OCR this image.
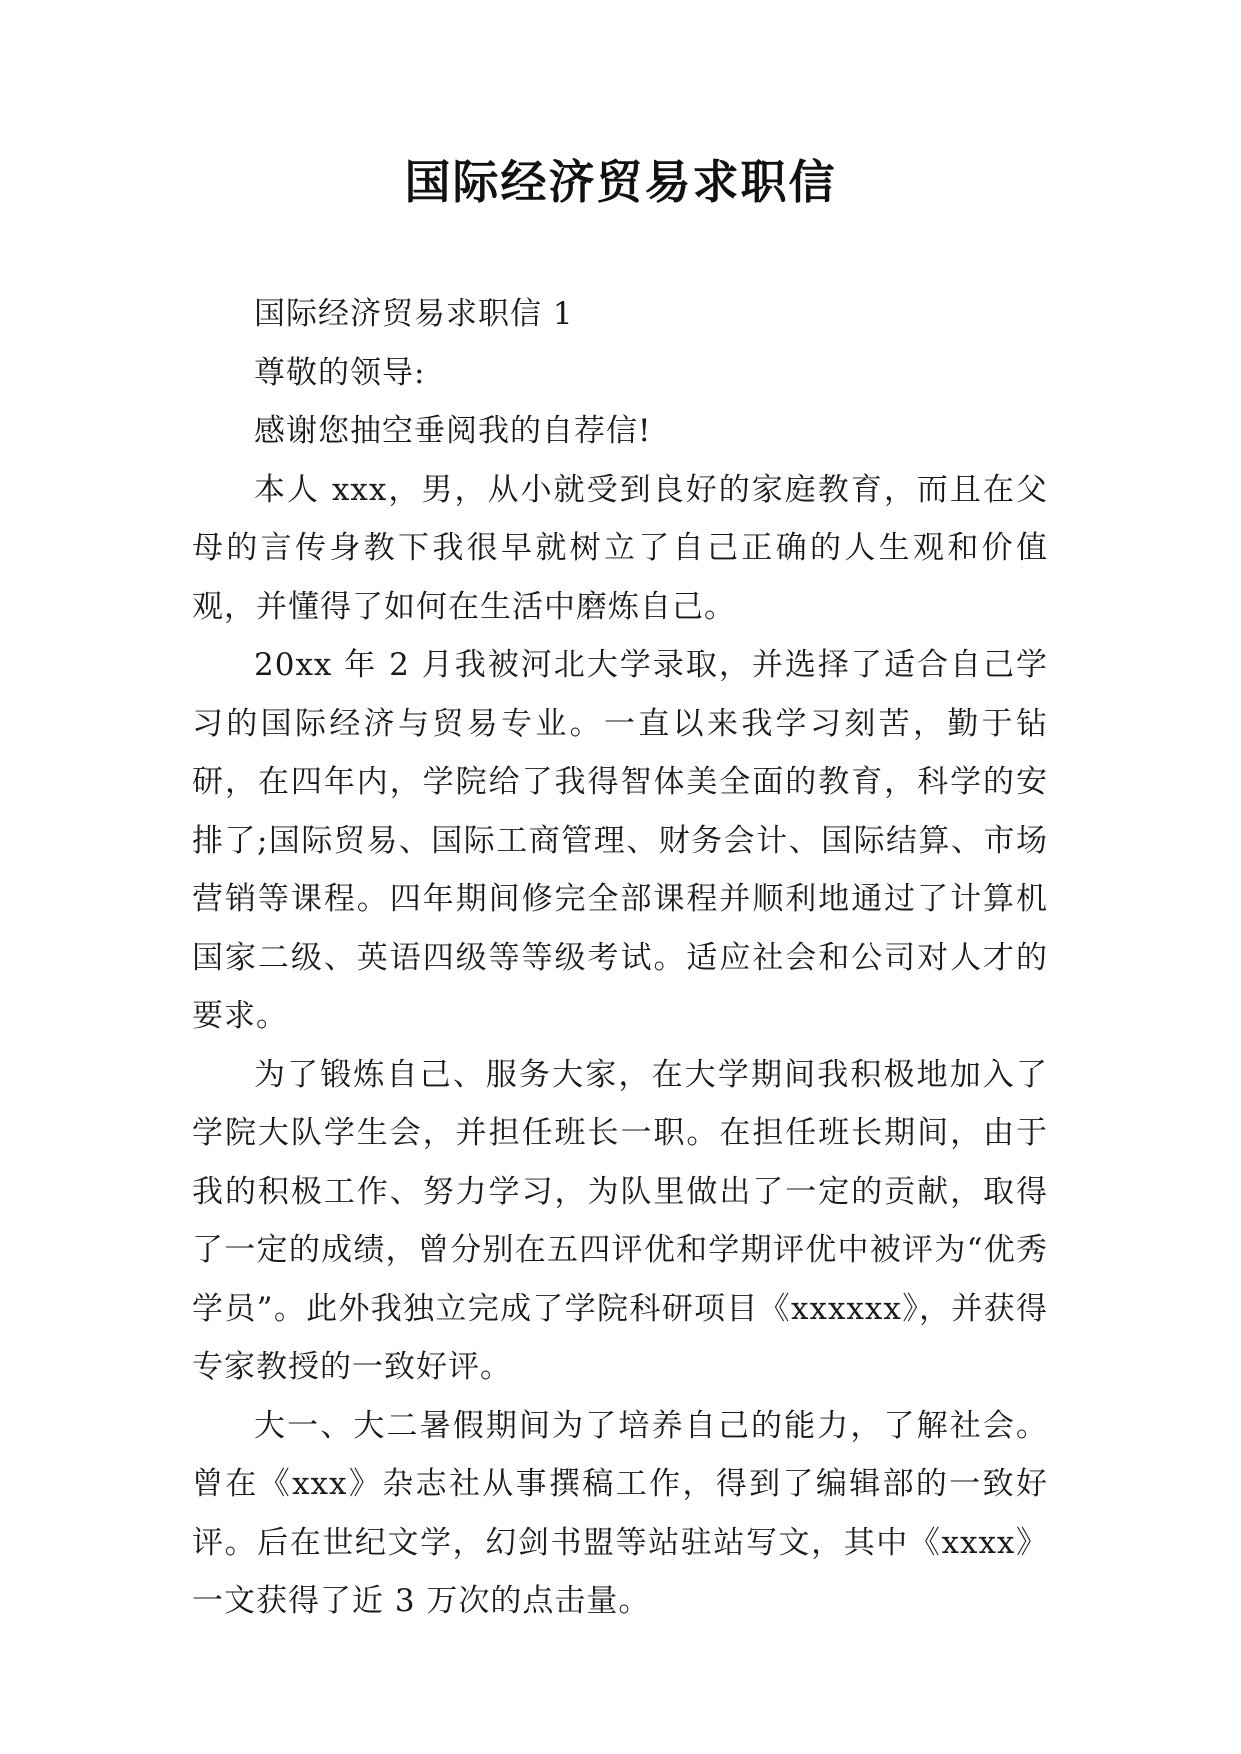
国际经济贸易求职信

国际经济贸易求职信 1

尊敬的领导:

感谢您抽空垂阅我的自荐信!

本人 xxx，男，从小就受到良好的家庭教育，而且在父母的言传身教下我很早就树立了自己正确的人生观和价值观，并懂得了如何在生活中磨炼自己。

20xx 年 2 月我被河北大学录取，并选择了适合自己学习的国际经济与贸易专业。一直以来我学习刻苦，勤于钻研，在四年内，学院给了我得智体美全面的教育，科学的安排了;国际贸易、国际工商管理、财务会计、国际结算、市场营销等课程。四年期间修完全部课程并顺利地通过了计算机国家二级、英语四级等等级考试。适应社会和公司对人才的要求。

为了锻炼自己、服务大家，在大学期间我积极地加入了学院大队学生会，并担任班长一职。在担任班长期间，由于我的积极工作、努力学习，为队里做出了一定的贡献，取得了一定的成绩，曾分别在五四评优和学期评优中被评为“优秀学员”。此外我独立完成了学院科研项目《xxxxxx》，并获得专家教授的一致好评。

大一、大二暑假期间为了培养自己的能力，了解社会。曾在《xxx》杂志社从事撰稿工作，得到了编辑部的一致好评。后在世纪文学，幻剑书盟等站驻站写文，其中《xxxx》一文获得了近 3 万次的点击量。
